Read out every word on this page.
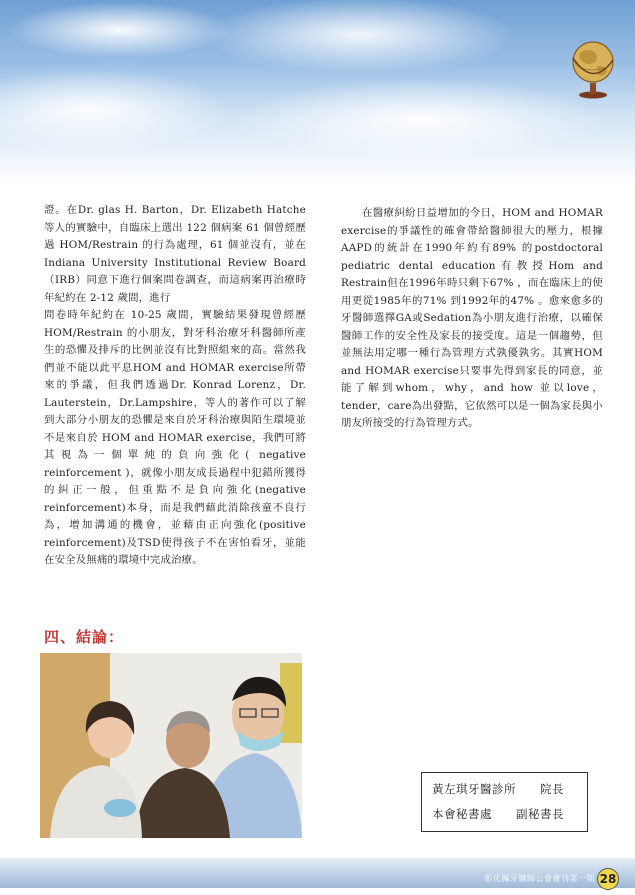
證。在Dr. glas H. Barton，Dr. Elizabeth Hatche 等人的實驗中，自臨床上選出 122 個病案 61 個曾經歷過 HOM/Restrain 的行為處理，61 個並沒有，並在 Indiana University Institutional Review Board（IRB）同意下進行個案問卷調查，而這病案再治療時年紀約在 2-12 歲間，進行

問卷時年紀約在 10-25 歲間，實驗結果發現曾經歷HOM/Restrain 的小朋友，對牙科治療牙科醫師所產生的恐懼及排斥的比例並沒有比對照組來的高。當然我們並不能以此平息HOM and HOMAR exercise所帶來的爭議，但我們透過Dr. Konrad Lorenz，Dr. Lauterstein，Dr.Lampshire，等人的著作可以了解到大部分小朋友的恐懼是來自於牙科治療與陌生環境並不是來自於 HOM and HOMAR exercise，我們可將其視為一個單純的負向強化( negative reinforcement )，就像小朋友成長過程中犯錯所獲得的糾正一般，但重點不是負向強化(negative reinforcement)本身，而是我們藉此消除孩童不良行為，增加溝通的機會，並藉由正向強化(positive reinforcement)及TSD使得孩子不在害怕看牙，並能在安全及無痛的環境中完成治療。

在醫療糾紛日益增加的今日，HOM and HOMAR exercise的爭議性的確會帶給醫師很大的壓力，根據AAPD的統計在1990年約有89% 的postdoctoral pediatric dental education有教授Hom and Restrain但在1996年時只剩下67% ，而在臨床上的使用更從1985年的71% 到1992年的47% 。愈來愈多的牙醫師選擇GA或Sedation為小朋友進行治療，以確保醫師工作的安全性及家長的接受度。這是一個趨勢，但並無法用定哪一種行為管理方式孰優孰劣。其實HOM and HOMAR exercise只要事先得到家長的同意，並能了解到whom，why，and how 並以love，tender，care為出發點，它依然可以是一個為家長與小朋友所接受的行為管理方式。

四、結論：
黃左琪牙醫診所　　院長
本會秘書處　　副秘書長
彰化縣牙醫師公會會刊第一期 28
